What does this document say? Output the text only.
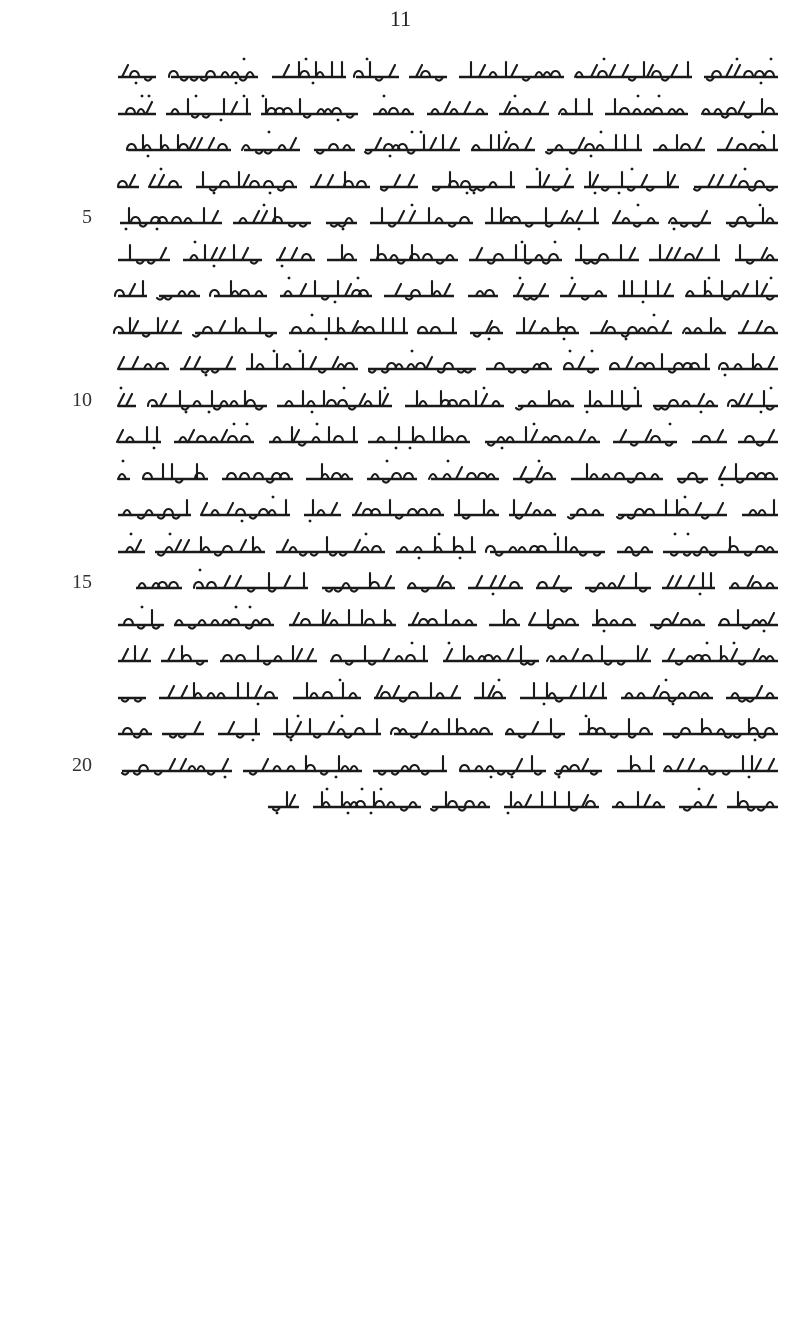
11
5
10
15
20
